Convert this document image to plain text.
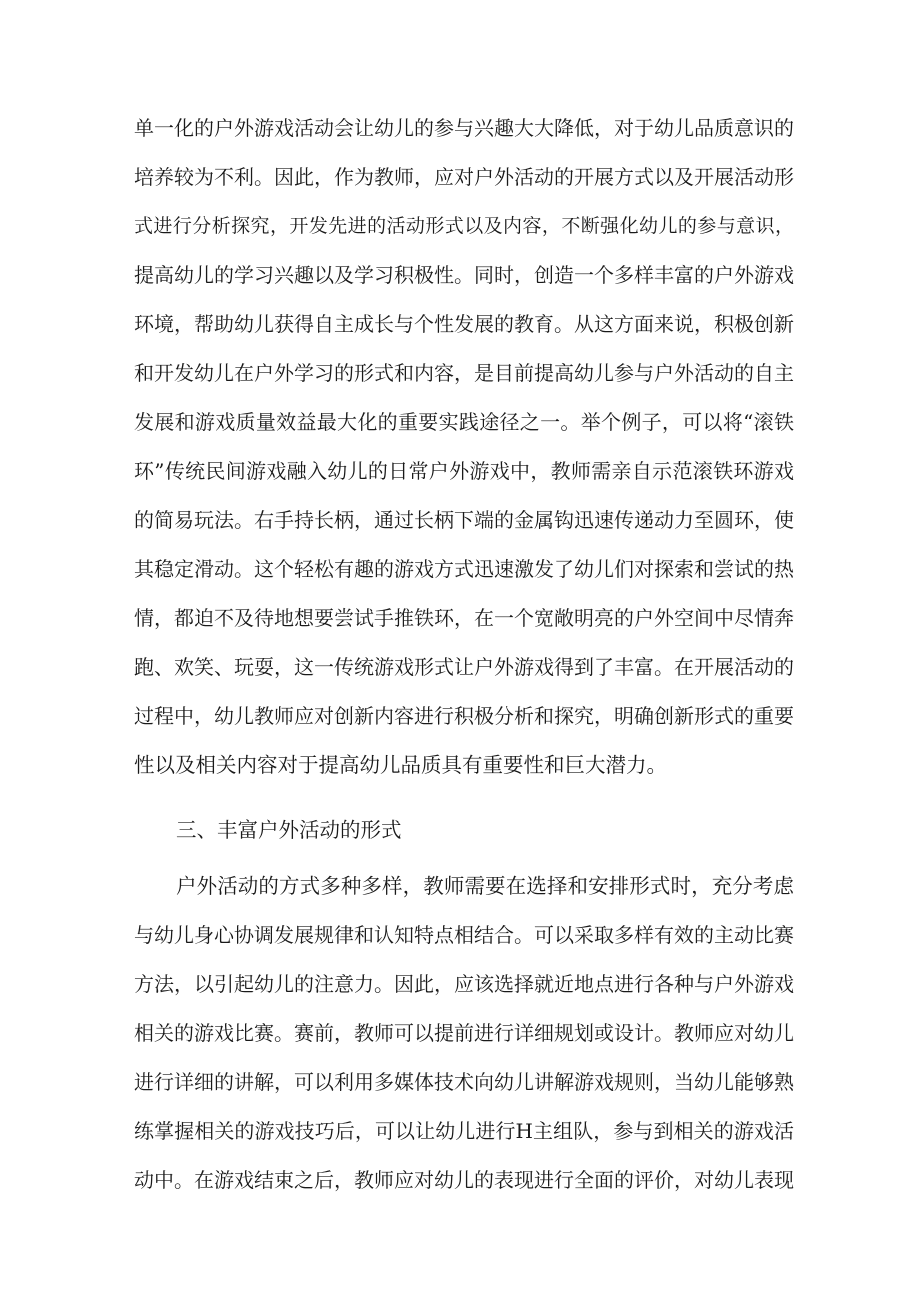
单一化的户外游戏活动会让幼儿的参与兴趣大大降低，对于幼儿品质意识的
培养较为不利。因此，作为教师，应对户外活动的开展方式以及开展活动形
式进行分析探究，开发先进的活动形式以及内容，不断强化幼儿的参与意识，
提高幼儿的学习兴趣以及学习积极性。同时，创造一个多样丰富的户外游戏
环境，帮助幼儿获得自主成长与个性发展的教育。从这方面来说，积极创新
和开发幼儿在户外学习的形式和内容，是目前提高幼儿参与户外活动的自主
发展和游戏质量效益最大化的重要实践途径之一。举个例子，可以将“滚铁
环”传统民间游戏融入幼儿的日常户外游戏中，教师需亲自示范滚铁环游戏
的简易玩法。右手持长柄，通过长柄下端的金属钩迅速传递动力至圆环，使
其稳定滑动。这个轻松有趣的游戏方式迅速激发了幼儿们对探索和尝试的热
情，都迫不及待地想要尝试手推铁环，在一个宽敞明亮的户外空间中尽情奔
跑、欢笑、玩耍，这一传统游戏形式让户外游戏得到了丰富。在开展活动的
过程中，幼儿教师应对创新内容进行积极分析和探究，明确创新形式的重要
性以及相关内容对于提高幼儿品质具有重要性和巨大潜力。
三、丰富户外活动的形式
户外活动的方式多种多样，教师需要在选择和安排形式时，充分考虑
与幼儿身心协调发展规律和认知特点相结合。可以采取多样有效的主动比赛
方法，以引起幼儿的注意力。因此，应该选择就近地点进行各种与户外游戏
相关的游戏比赛。赛前，教师可以提前进行详细规划或设计。教师应对幼儿
进行详细的讲解，可以利用多媒体技术向幼儿讲解游戏规则，当幼儿能够熟
练掌握相关的游戏技巧后，可以让幼儿进行H主组队，参与到相关的游戏活
动中。在游戏结束之后，教师应对幼儿的表现进行全面的评价，对幼儿表现
